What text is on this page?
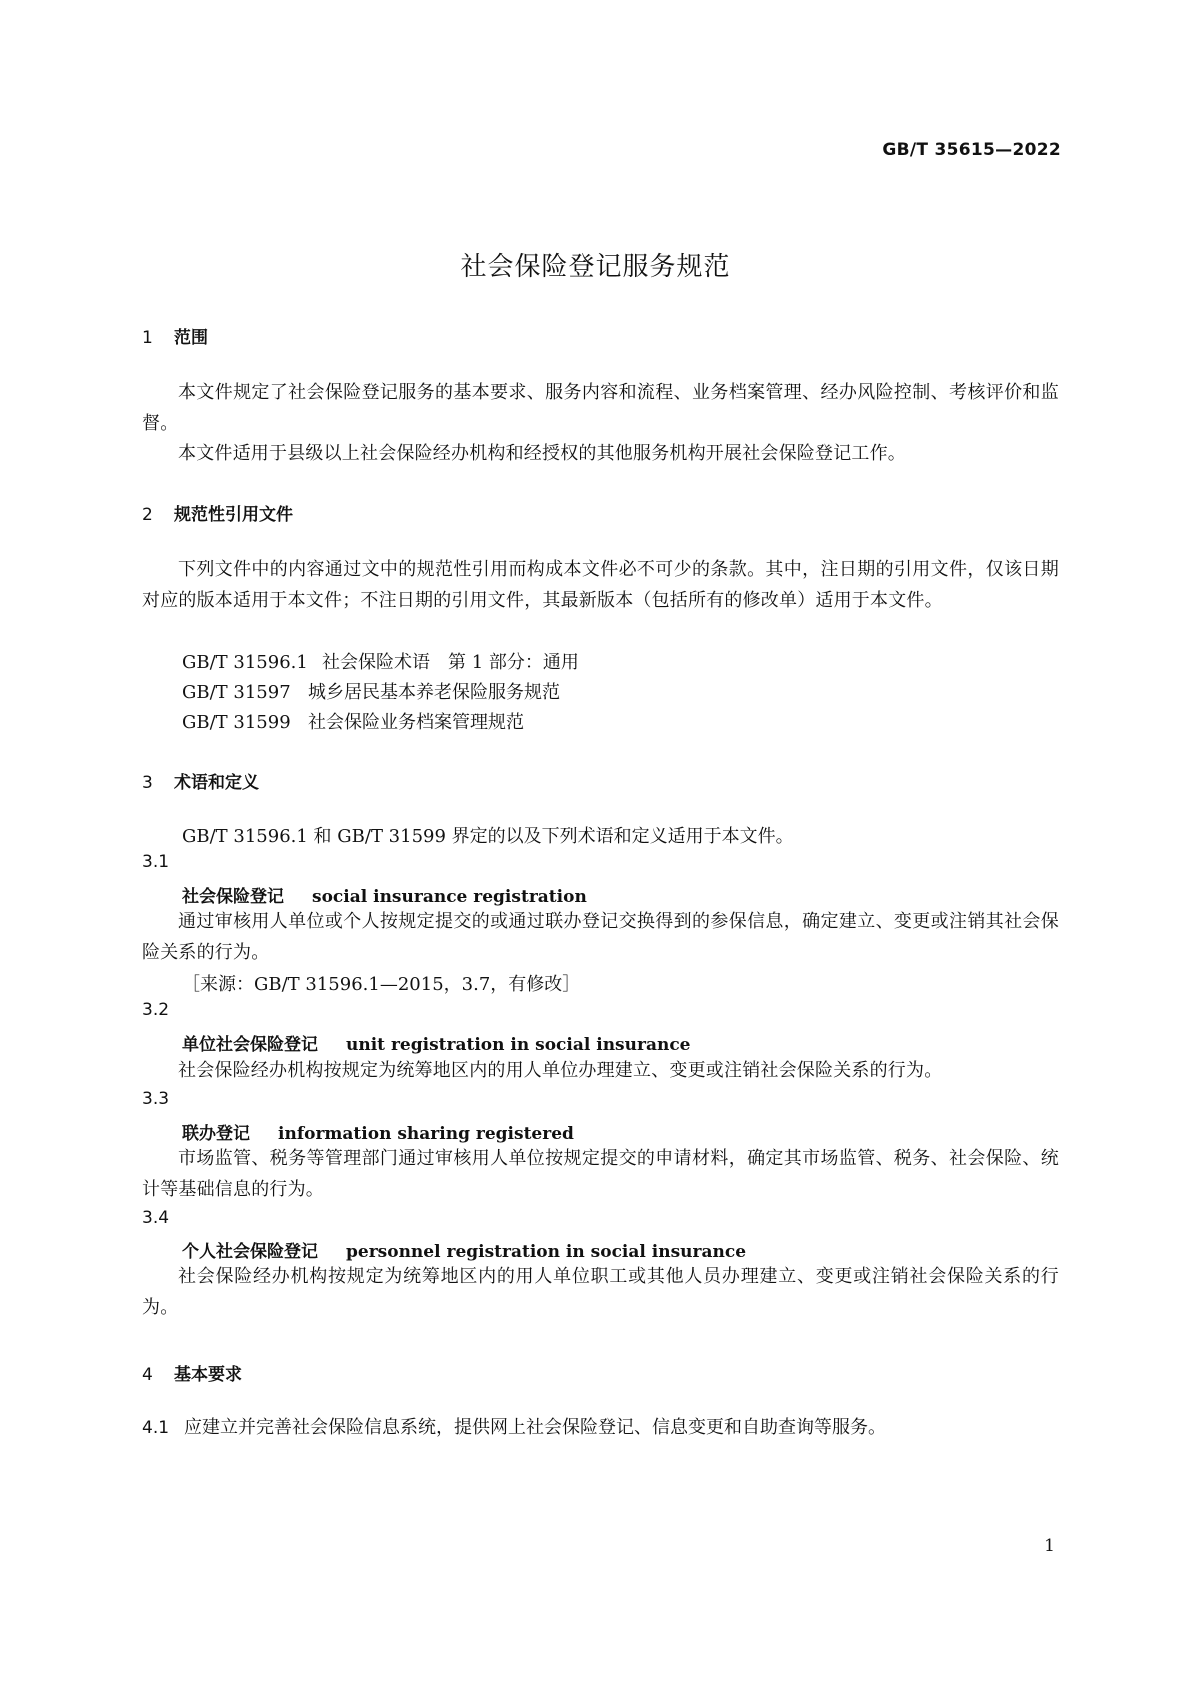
GB/T 35615—2022
社会保险登记服务规范
1 范围
本文件规定了社会保险登记服务的基本要求、服务内容和流程、业务档案管理、经办风险控制、考核评价和监督。
本文件适用于县级以上社会保险经办机构和经授权的其他服务机构开展社会保险登记工作。
2 规范性引用文件
下列文件中的内容通过文中的规范性引用而构成本文件必不可少的条款。其中，注日期的引用文件，仅该日期对应的版本适用于本文件；不注日期的引用文件，其最新版本（包括所有的修改单）适用于本文件。
GB/T 31596.1 社会保险术语　第 1 部分：通用
GB/T 31597 城乡居民基本养老保险服务规范
GB/T 31599 社会保险业务档案管理规范
3 术语和定义
GB/T 31596.1 和 GB/T 31599 界定的以及下列术语和定义适用于本文件。
3.1
社会保险登记 social insurance registration
通过审核用人单位或个人按规定提交的或通过联办登记交换得到的参保信息，确定建立、变更或注销其社会保险关系的行为。
［来源：GB/T 31596.1—2015，3.7，有修改］
3.2
单位社会保险登记 unit registration in social insurance
社会保险经办机构按规定为统筹地区内的用人单位办理建立、变更或注销社会保险关系的行为。
3.3
联办登记 information sharing registered
市场监管、税务等管理部门通过审核用人单位按规定提交的申请材料，确定其市场监管、税务、社会保险、统计等基础信息的行为。
3.4
个人社会保险登记 personnel registration in social insurance
社会保险经办机构按规定为统筹地区内的用人单位职工或其他人员办理建立、变更或注销社会保险关系的行为。
4 基本要求
4.1 应建立并完善社会保险信息系统，提供网上社会保险登记、信息变更和自助查询等服务。
1
